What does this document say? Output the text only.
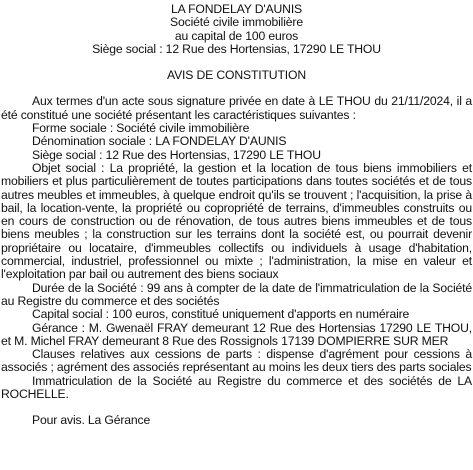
LA FONDELAY D'AUNIS
Société civile immobilière
au capital de 100 euros
Siège social : 12 Rue des Hortensias, 17290 LE THOU
AVIS DE CONSTITUTION

Aux termes d'un acte sous signature privée en date à LE THOU du 21/11/2024, il a été constitué une société présentant les caractéristiques suivantes :

Forme sociale : Société civile immobilière

Dénomination sociale : LA FONDELAY D'AUNIS

Siège social : 12 Rue des Hortensias, 17290 LE THOU

Objet social : La propriété, la gestion et la location de tous biens immobiliers et mobiliers et plus particulièrement de toutes participations dans toutes sociétés et de tous autres meubles et immeubles, à quelque endroit qu'ils se trouvent ; l'acquisition, la prise à bail, la location-vente, la propriété ou copropriété de terrains, d'immeubles construits ou en cours de construction ou de rénovation, de tous autres biens immeubles et de tous biens meubles ; la construction sur les terrains dont la société est, ou pourrait devenir propriétaire ou locataire, d'immeubles collectifs ou individuels à usage d'habitation, commercial, industriel, professionnel ou mixte ; l'administration, la mise en valeur et l'exploitation par bail ou autrement des biens sociaux

Durée de la Société : 99 ans à compter de la date de l'immatriculation de la Société au Registre du commerce et des sociétés

Capital social : 100 euros, constitué uniquement d'apports en numéraire

Gérance : M. Gwenaël FRAY demeurant 12 Rue des Hortensias 17290 LE THOU, et M. Michel FRAY demeurant 8 Rue des Rossignols 17139 DOMPIERRE SUR MER

Clauses relatives aux cessions de parts : dispense d'agrément pour cessions à associés ; agrément des associés représentant au moins les deux tiers des parts sociales

Immatriculation de la Société au Registre du commerce et des sociétés de LA ROCHELLE.

Pour avis. La Gérance
